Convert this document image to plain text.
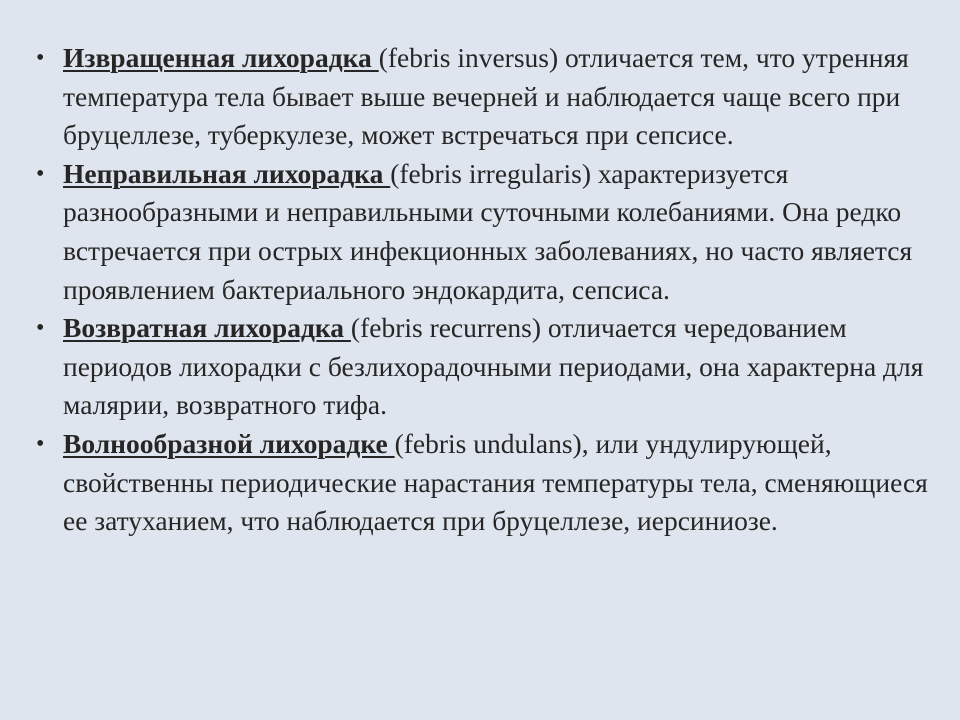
• Извращенная лихорадка (febris inversus) отличается тем, что утренняя температура тела бывает выше вечерней и наблюдается чаще всего при бруцеллезе, туберкулезе, может встречаться при сепсисе.
• Неправильная лихорадка (febris irregularis) характеризуется разнообразными и неправильными суточными колебаниями. Она редко встречается при острых инфекционных заболеваниях, но часто является проявлением бактериального эндокардита, сепсиса.
• Возвратная лихорадка (febris recurrens) отличается чередованием периодов лихорадки с безлихорадочными периодами, она характерна для малярии, возвратного тифа.
• Волнообразной лихорадке (febris undulans), или ундулирующей, свойственны периодические нарастания температуры тела, сменяющиеся ее затуханием, что наблюдается при бруцеллезе, иерсиниозе.
